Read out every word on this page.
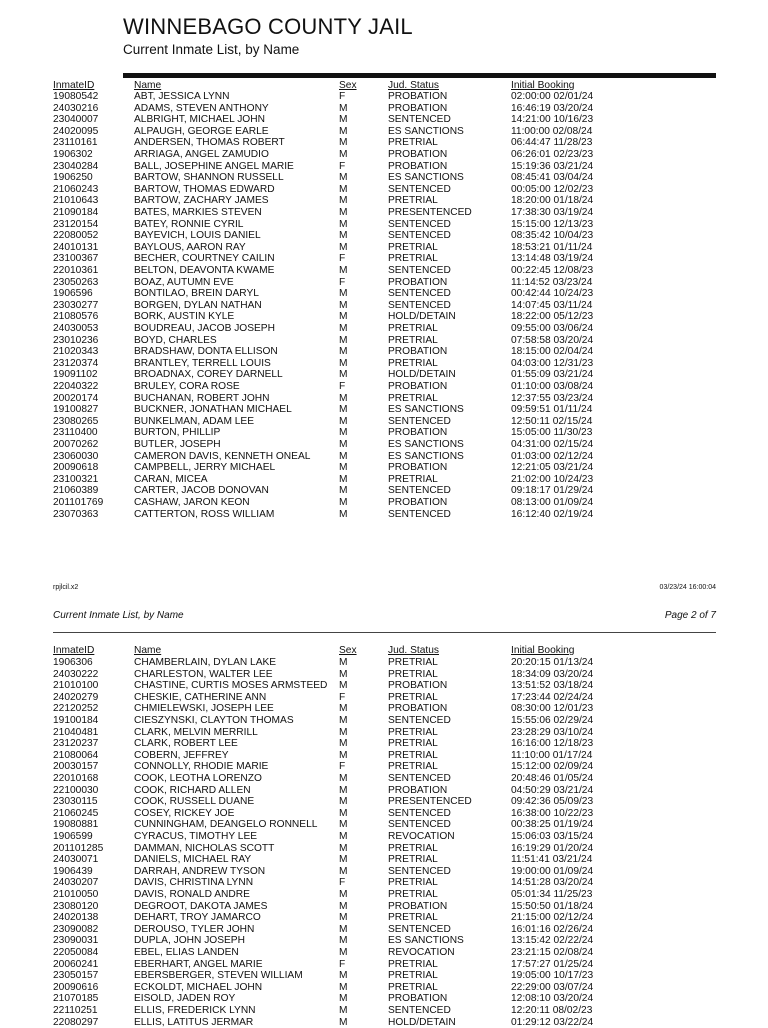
WINNEBAGO COUNTY JAIL
Current Inmate List, by Name
InmateID	Name	Sex	Jud. Status	Initial Booking
19080542	ABT, JESSICA LYNN	F	PROBATION	02:00:00 02/01/24
24030216	ADAMS, STEVEN ANTHONY	M	PROBATION	16:46:19 03/20/24
23040007	ALBRIGHT, MICHAEL JOHN	M	SENTENCED	14:21:00 10/16/23
24020095	ALPAUGH, GEORGE EARLE	M	ES SANCTIONS	11:00:00 02/08/24
23110161	ANDERSEN, THOMAS ROBERT	M	PRETRIAL	06:44:47 11/28/23
1906302	ARRIAGA, ANGEL ZAMUDIO	M	PROBATION	06:26:01 02/23/23
23040284	BALL, JOSEPHINE ANGEL MARIE	F	PROBATION	15:19:36 03/21/24
1906250	BARTOW, SHANNON RUSSELL	M	ES SANCTIONS	08:45:41 03/04/24
21060243	BARTOW, THOMAS EDWARD	M	SENTENCED	00:05:00 12/02/23
21010643	BARTOW, ZACHARY JAMES	M	PRETRIAL	18:20:00 01/18/24
21090184	BATES, MARKIES STEVEN	M	PRESENTENCED	17:38:30 03/19/24
23120154	BATEY, RONNIE CYRIL	M	SENTENCED	15:15:00 12/13/23
22080052	BAYEVICH, LOUIS DANIEL	M	SENTENCED	08:35:42 10/04/23
24010131	BAYLOUS, AARON RAY	M	PRETRIAL	18:53:21 01/11/24
23100367	BECHER, COURTNEY CAILIN	F	PRETRIAL	13:14:48 03/19/24
22010361	BELTON, DEAVONTA KWAME	M	SENTENCED	00:22:45 12/08/23
23050263	BOAZ, AUTUMN EVE	F	PROBATION	11:14:52 03/23/24
1906596	BONTILAO, BREIN DARYL	M	SENTENCED	00:42:44 10/24/23
23030277	BORGEN, DYLAN NATHAN	M	SENTENCED	14:07:45 03/11/24
21080576	BORK, AUSTIN KYLE	M	HOLD/DETAIN	18:22:00 05/12/23
24030053	BOUDREAU, JACOB JOSEPH	M	PRETRIAL	09:55:00 03/06/24
23010236	BOYD, CHARLES	M	PRETRIAL	07:58:58 03/20/24
21020343	BRADSHAW, DONTA ELLISON	M	PROBATION	18:15:00 02/04/24
23120374	BRANTLEY, TERRELL LOUIS	M	PRETRIAL	04:03:00 12/31/23
19091102	BROADNAX, COREY DARNELL	M	HOLD/DETAIN	01:55:09 03/21/24
22040322	BRULEY, CORA ROSE	F	PROBATION	01:10:00 03/08/24
20020174	BUCHANAN, ROBERT JOHN	M	PRETRIAL	12:37:55 03/23/24
19100827	BUCKNER, JONATHAN MICHAEL	M	ES SANCTIONS	09:59:51 01/11/24
23080265	BUNKELMAN, ADAM LEE	M	SENTENCED	12:50:11 02/15/24
23110400	BURTON, PHILLIP	M	PROBATION	15:05:00 11/30/23
20070262	BUTLER, JOSEPH	M	ES SANCTIONS	04:31:00 02/15/24
23060030	CAMERON DAVIS, KENNETH ONEAL	M	ES SANCTIONS	01:03:00 02/12/24
20090618	CAMPBELL, JERRY MICHAEL	M	PROBATION	12:21:05 03/21/24
23100321	CARAN, MICEA	M	PRETRIAL	21:02:00 10/24/23
21060389	CARTER, JACOB DONOVAN	M	SENTENCED	09:18:17 01/29/24
201101769	CASHAW, JARON KEON	M	PROBATION	08:13:00 01/09/24
23070363	CATTERTON, ROSS WILLIAM	M	SENTENCED	16:12:40 02/19/24
rpjlcil.x2	03/23/24 16:00:04
Current Inmate List, by Name	Page 2 of 7
InmateID	Name	Sex	Jud. Status	Initial Booking
1906306	CHAMBERLAIN, DYLAN LAKE	M	PRETRIAL	20:20:15 01/13/24
24030222	CHARLESTON, WALTER LEE	M	PRETRIAL	18:34:09 03/20/24
21010100	CHASTINE, CURTIS MOSES ARMSTEED M	PROBATION	13:51:52 03/18/24
24020279	CHESKIE, CATHERINE ANN	F	PRETRIAL	17:23:44 02/24/24
22120252	CHMIELEWSKI, JOSEPH LEE	M	PROBATION	08:30:00 12/01/23
19100184	CIESZYNSKI, CLAYTON THOMAS	M	SENTENCED	15:55:06 02/29/24
21040481	CLARK, MELVIN MERRILL	M	PRETRIAL	23:28:29 03/10/24
23120237	CLARK, ROBERT LEE	M	PRETRIAL	16:16:00 12/18/23
21080064	COBERN, JEFFREY	M	PRETRIAL	11:10:00 01/17/24
20030157	CONNOLLY, RHODIE MARIE	F	PRETRIAL	15:12:00 02/09/24
22010168	COOK, LEOTHA LORENZO	M	SENTENCED	20:48:46 01/05/24
22100030	COOK, RICHARD ALLEN	M	PROBATION	04:50:29 03/21/24
23030115	COOK, RUSSELL DUANE	M	PRESENTENCED	09:42:36 05/09/23
21060245	COSEY, RICKEY JOE	M	SENTENCED	16:38:00 10/22/23
19080881	CUNNINGHAM, DEANGELO RONNELL M	SENTENCED	00:38:25 01/19/24
1906599	CYRACUS, TIMOTHY LEE	M	REVOCATION	15:06:03 03/15/24
201101285	DAMMAN, NICHOLAS SCOTT	M	PRETRIAL	16:19:29 01/20/24
24030071	DANIELS, MICHAEL RAY	M	PRETRIAL	11:51:41 03/21/24
1906439	DARRAH, ANDREW TYSON	M	SENTENCED	19:00:00 01/09/24
24030207	DAVIS, CHRISTINA LYNN	F	PRETRIAL	14:51:28 03/20/24
21010050	DAVIS, RONALD ANDRE	M	PRETRIAL	05:01:34 11/25/23
23080120	DEGROOT, DAKOTA JAMES	M	PROBATION	15:50:50 01/18/24
24020138	DEHART, TROY JAMARCO	M	PRETRIAL	21:15:00 02/12/24
23090082	DEROUSO, TYLER JOHN	M	SENTENCED	16:01:16 02/26/24
23090031	DUPLA, JOHN JOSEPH	M	ES SANCTIONS	13:15:42 02/22/24
22050084	EBEL, ELIAS LANDEN	M	REVOCATION	23:21:15 02/08/24
20060241	EBERHART, ANGEL MARIE	F	PRETRIAL	17:57:27 01/25/24
23050157	EBERSBERGER, STEVEN WILLIAM	M	PRETRIAL	19:05:00 10/17/23
20090616	ECKOLDT, MICHAEL JOHN	M	PRETRIAL	22:29:00 03/07/24
21070185	EISOLD, JADEN ROY	M	PROBATION	12:08:10 03/20/24
22110251	ELLIS, FREDERICK LYNN	M	SENTENCED	12:20:11 08/02/23
22080297	ELLIS, LATITUS JERMAR	M	HOLD/DETAIN	01:29:12 03/22/24
